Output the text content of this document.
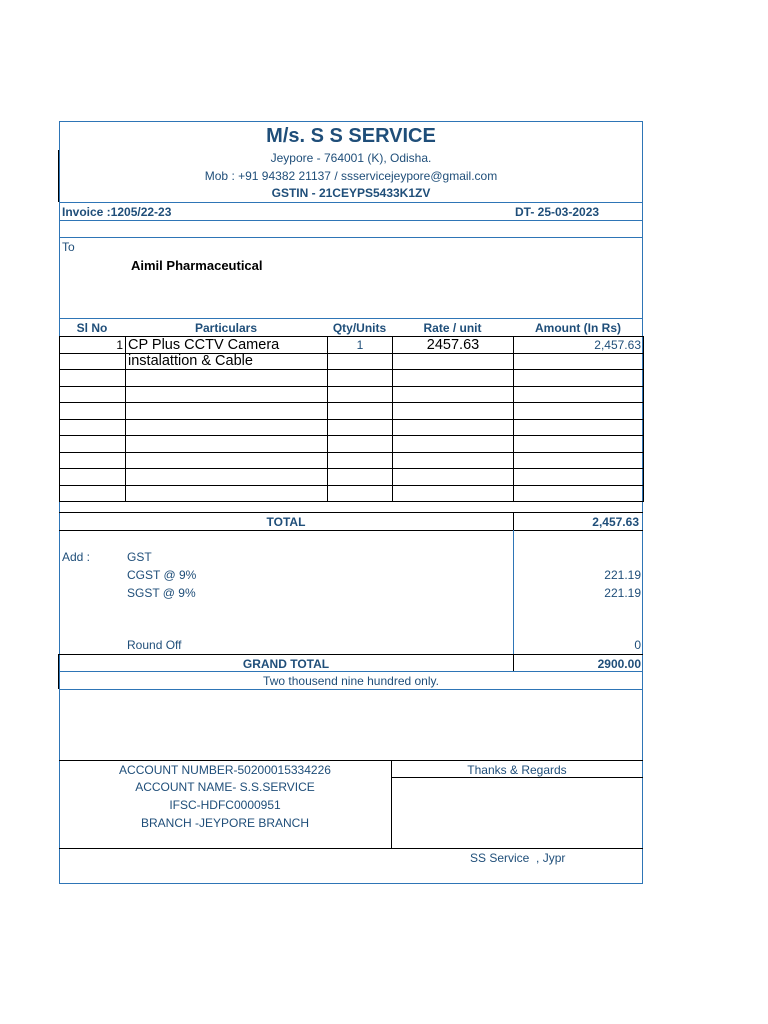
M/s. S S SERVICE
Jeypore - 764001 (K), Odisha.
Mob : +91 94382 21137 / ssservicejeypore@gmail.com
GSTIN - 21CEYPS5433K1ZV
Invoice :1205/22-23	DT- 25-03-2023
To
Aimil Pharmaceutical
Sl No	Particulars	Qty/Units	Rate / unit	Amount (In Rs)
1	CP Plus CCTV Camera	1	2457.63	2,457.63
	instalattion & Cable			

TOTAL	2,457.63
Add :	GST
CGST @ 9%	221.19
SGST @ 9%	221.19
Round Off	0
GRAND TOTAL	2900.00
Two thousend nine hundred only.
ACCOUNT NUMBER-50200015334226
ACCOUNT NAME- S.S.SERVICE
IFSC-HDFC0000951
BRANCH -JEYPORE BRANCH
Thanks & Regards
SS Service  , Jypr
